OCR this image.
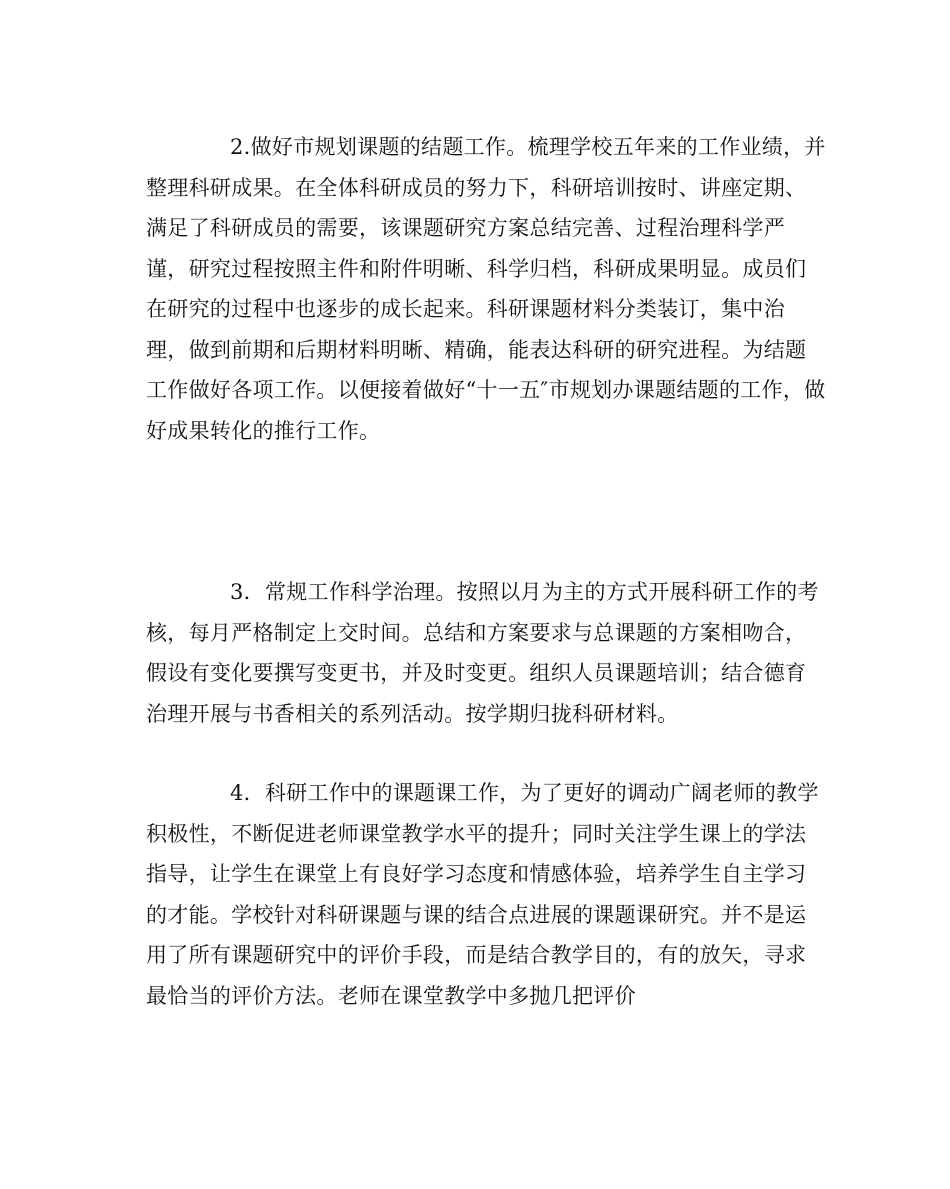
2.做好市规划课题的结题工作。梳理学校五年来的工作业绩，并整理科研成果。在全体科研成员的努力下，科研培训按时、讲座定期、满足了科研成员的需要，该课题研究方案总结完善、过程治理科学严谨，研究过程按照主件和附件明晰、科学归档，科研成果明显。成员们在研究的过程中也逐步的成长起来。科研课题材料分类装订，集中治理，做到前期和后期材料明晰、精确，能表达科研的研究进程。为结题工作做好各项工作。以便接着做好“十一五″市规划办课题结题的工作，做好成果转化的推行工作。

3．常规工作科学治理。按照以月为主的方式开展科研工作的考核，每月严格制定上交时间。总结和方案要求与总课题的方案相吻合，假设有变化要撰写变更书，并及时变更。组织人员课题培训；结合德育治理开展与书香相关的系列活动。按学期归拢科研材料。

4．科研工作中的课题课工作，为了更好的调动广阔老师的教学积极性，不断促进老师课堂教学水平的提升；同时关注学生课上的学法指导，让学生在课堂上有良好学习态度和情感体验，培养学生自主学习的才能。学校针对科研课题与课的结合点进展的课题课研究。并不是运用了所有课题研究中的评价手段，而是结合教学目的，有的放矢，寻求最恰当的评价方法。老师在课堂教学中多抛几把评价
